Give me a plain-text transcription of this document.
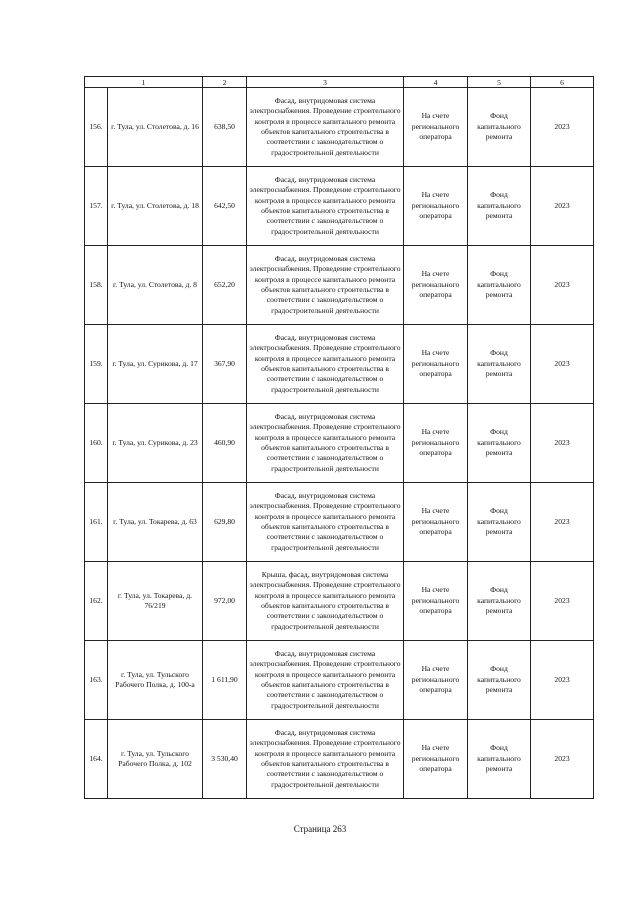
1		2	3	4	5	6
156.	г. Тула, ул. Столетова, д. 16	638,50	Фасад, внутридомовая система электроснабжения. Проведение строительного контроля в процессе капитального ремонта объектов капитального строительства в соответствии с законодательством о градостроительной деятельности	На счете регионального оператора	Фонд капитального ремонта	2023
157.	г. Тула, ул. Столетова, д. 18	642,50	Фасад, внутридомовая система электроснабжения. Проведение строительного контроля в процессе капитального ремонта объектов капитального строительства в соответствии с законодательством о градостроительной деятельности	На счете регионального оператора	Фонд капитального ремонта	2023
158.	г. Тула, ул. Столетова, д. 8	652,20	Фасад, внутридомовая система электроснабжения. Проведение строительного контроля в процессе капитального ремонта объектов капитального строительства в соответствии с законодательством о градостроительной деятельности	На счете регионального оператора	Фонд капитального ремонта	2023
159.	г. Тула, ул. Сурикова, д. 17	367,90	Фасад, внутридомовая система электроснабжения. Проведение строительного контроля в процессе капитального ремонта объектов капитального строительства в соответствии с законодательством о градостроительной деятельности	На счете регионального оператора	Фонд капитального ремонта	2023
160.	г. Тула, ул. Сурикова, д. 23	460,90	Фасад, внутридомовая система электроснабжения. Проведение строительного контроля в процессе капитального ремонта объектов капитального строительства в соответствии с законодательством о градостроительной деятельности	На счете регионального оператора	Фонд капитального ремонта	2023
161.	г. Тула, ул. Токарева, д. 63	629,80	Фасад, внутридомовая система электроснабжения. Проведение строительного контроля в процессе капитального ремонта объектов капитального строительства в соответствии с законодательством о градостроительной деятельности	На счете регионального оператора	Фонд капитального ремонта	2023
162.	г. Тула, ул. Токарева, д. 76/219	972,00	Крыша, фасад, внутридомовая система электроснабжения. Проведение строительного контроля в процессе капитального ремонта объектов капитального строительства в соответствии с законодательством о градостроительной деятельности	На счете регионального оператора	Фонд капитального ремонта	2023
163.	г. Тула, ул. Тульского Рабочего Полка, д. 100-а	1 611,90	Фасад, внутридомовая система электроснабжения. Проведение строительного контроля в процессе капитального ремонта объектов капитального строительства в соответствии с законодательством о градостроительной деятельности	На счете регионального оператора	Фонд капитального ремонта	2023
164.	г. Тула, ул. Тульского Рабочего Полка, д. 102	3 530,40	Фасад, внутридомовая система электроснабжения. Проведение строительного контроля в процессе капитального ремонта объектов капитального строительства в соответствии с законодательством о градостроительной деятельности	На счете регионального оператора	Фонд капитального ремонта	2023
Страница 263
